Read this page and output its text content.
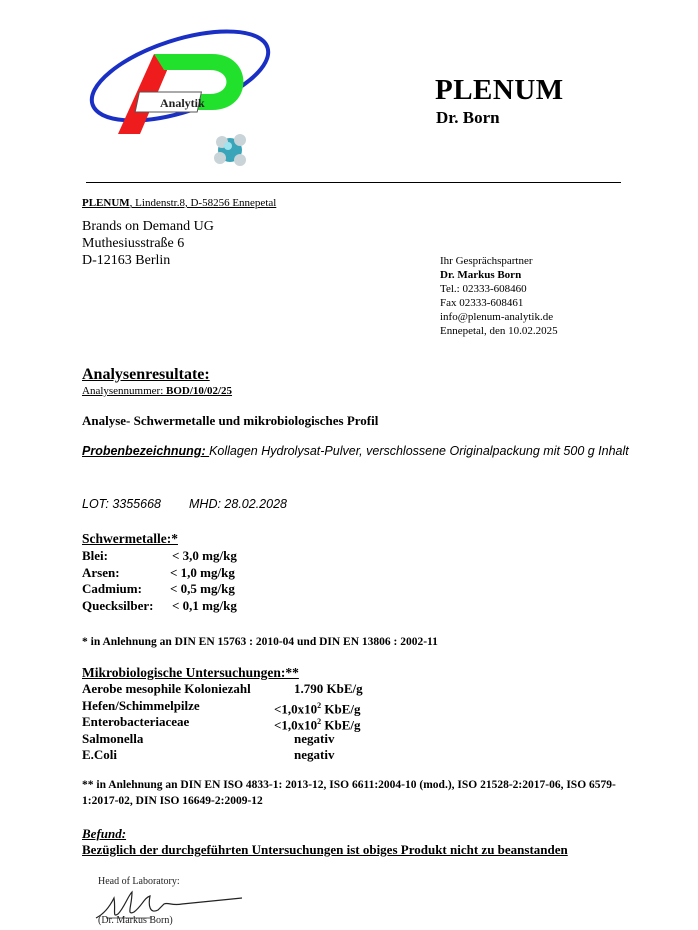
Analytik	PLENUM
Dr. Born
PLENUM, Lindenstr.8, D-58256 Ennepetal
Brands on Demand UG
Muthesiusstraße 6
D-12163 Berlin	Ihr Gesprächspartner
Dr. Markus Born
Tel.: 02333-608460
Fax 02333-608461
info@plenum-analytik.de
Ennepetal, den 10.02.2025
Analysenresultate:
Analysennummer: BOD/10/02/25
Analyse- Schwermetalle und mikrobiologisches Profil
Probenbezeichnung: Kollagen Hydrolysat-Pulver, verschlossene Originalpackung mit 500 g Inhalt
LOT: 3355668 MHD: 28.02.2028
Schwermetalle:*
Blei:	< 3,0 mg/kg
Arsen:	< 1,0 mg/kg
Cadmium: < 0,5 mg/kg
Quecksilber: < 0,1 mg/kg
* in Anlehnung an DIN EN 15763 : 2010-04 und DIN EN 13806 : 2002-11
Mikrobiologische Untersuchungen:**
Aerobe mesophile Koloniezahl	1.790 KbE/g
Hefen/Schimmelpilze	$<1,0x10^2$ KbE/g
Enterobacteriaceae	$<1,0x10^2$ KbE/g
Salmonella	negativ
E.Coli	negativ
** in Anlehnung an DIN EN ISO 4833-1: 2013-12, ISO 6611:2004-10 (mod.), ISO 21528-2:2017-06, ISO 6579-1:2017-02, DIN ISO 16649-2:2009-12
Befund:
Bezüglich der durchgeführten Untersuchungen ist obiges Produkt nicht zu beanstanden
Head of Laboratory:
(Dr. Markus Born)
